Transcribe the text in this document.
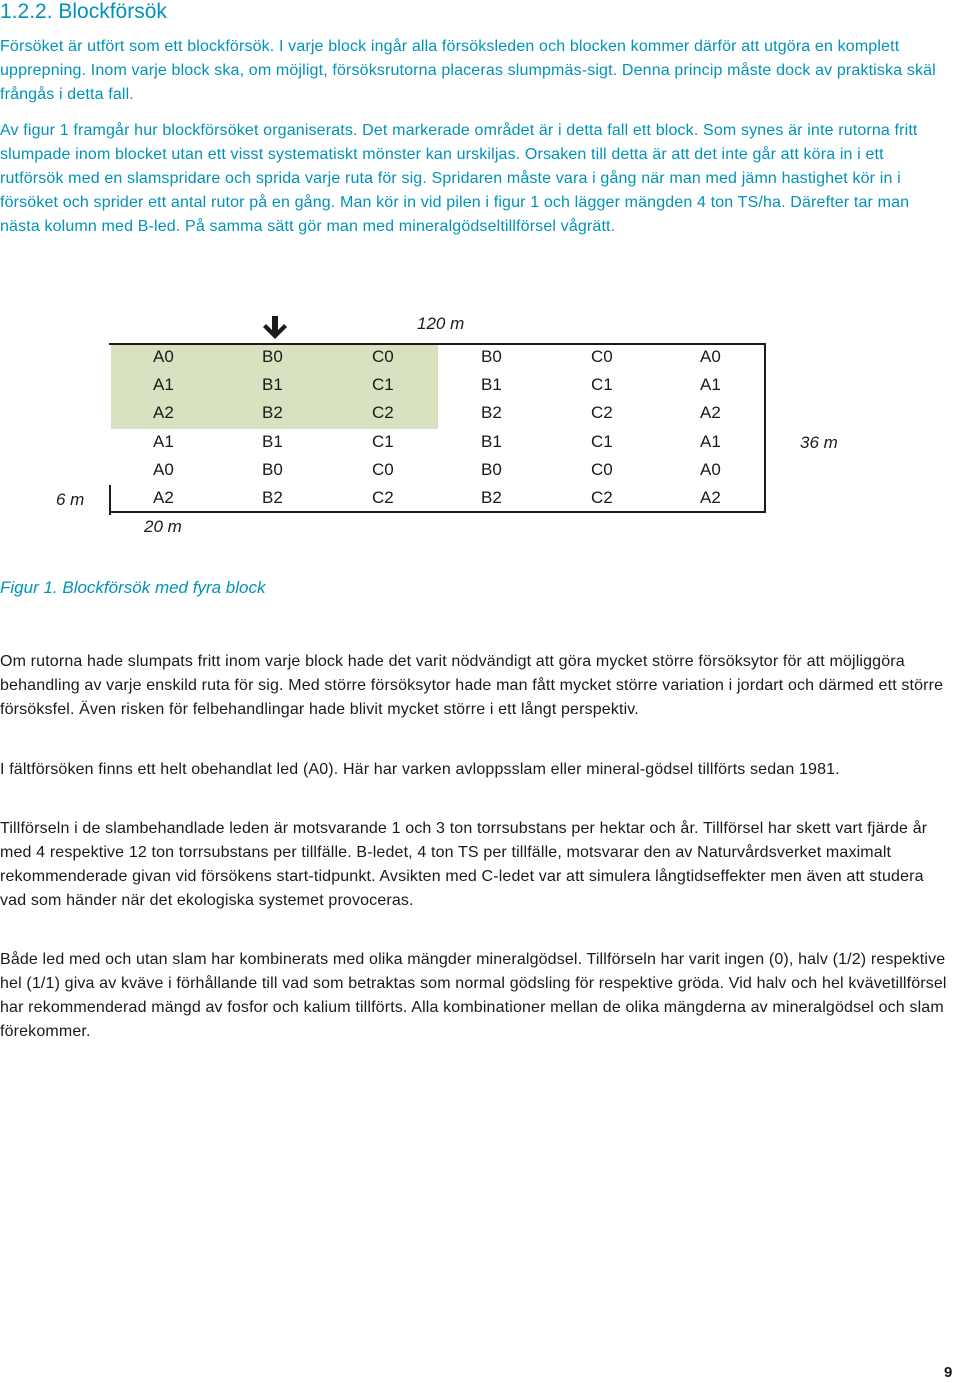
1.2.2. Blockförsök

Försöket är utfört som ett blockförsök. I varje block ingår alla försöksleden och blocken kommer därför att utgöra en komplett upprepning. Inom varje block ska, om möjligt, försöksrutorna placeras slumpmäs-sigt. Denna princip måste dock av praktiska skäl frångås i detta fall.

Av figur 1 framgår hur blockförsöket organiserats. Det markerade området är i detta fall ett block. Som synes är inte rutorna fritt slumpade inom blocket utan ett visst systematiskt mönster kan urskiljas. Orsaken till detta är att det inte går att köra in i ett rutförsök med en slamspridare och sprida varje ruta för sig. Spridaren måste vara i gång när man med jämn hastighet kör in i försöket och sprider ett antal rutor på en gång. Man kör in vid pilen i figur 1 och lägger mängden 4 ton TS/ha. Därefter tar man nästa kolumn med B-led. På samma sätt gör man med mineralgödseltillförsel vågrätt.

120 m
A0	B0	C0	B0	C0	A0
A1	B1	C1	B1	C1	A1
A2	B2	C2	B2	C2	A2
A1	B1	C1	B1	C1	A1
A0	B0	C0	B0	C0	A0
A2	B2	C2	B2	C2	A2
36 m
6 m
20 m
Figur 1. Blockförsök med fyra block

Om rutorna hade slumpats fritt inom varje block hade det varit nödvändigt att göra mycket större försöksytor för att möjliggöra behandling av varje enskild ruta för sig. Med större försöksytor hade man fått mycket större variation i jordart och därmed ett större försöksfel. Även risken för felbehandlingar hade blivit mycket större i ett långt perspektiv.

I fältförsöken finns ett helt obehandlat led (A0). Här har varken avloppsslam eller mineral-gödsel tillförts sedan 1981.

Tillförseln i de slambehandlade leden är motsvarande 1 och 3 ton torrsubstans per hektar och år. Tillförsel har skett vart fjärde år med 4 respektive 12 ton torrsubstans per tillfälle. B-ledet, 4 ton TS per tillfälle, motsvarar den av Naturvårdsverket maximalt rekommenderade givan vid försökens start-tidpunkt. Avsikten med C-ledet var att simulera långtidseffekter men även att studera vad som händer när det ekologiska systemet provoceras.

Både led med och utan slam har kombinerats med olika mängder mineralgödsel. Tillförseln har varit ingen (0), halv (1/2) respektive hel (1/1) giva av kväve i förhållande till vad som betraktas som normal gödsling för respektive gröda. Vid halv och hel kvävetillförsel har rekommenderad mängd av fosfor och kalium tillförts. Alla kombinationer mellan de olika mängderna av mineralgödsel och slam förekommer.

9
